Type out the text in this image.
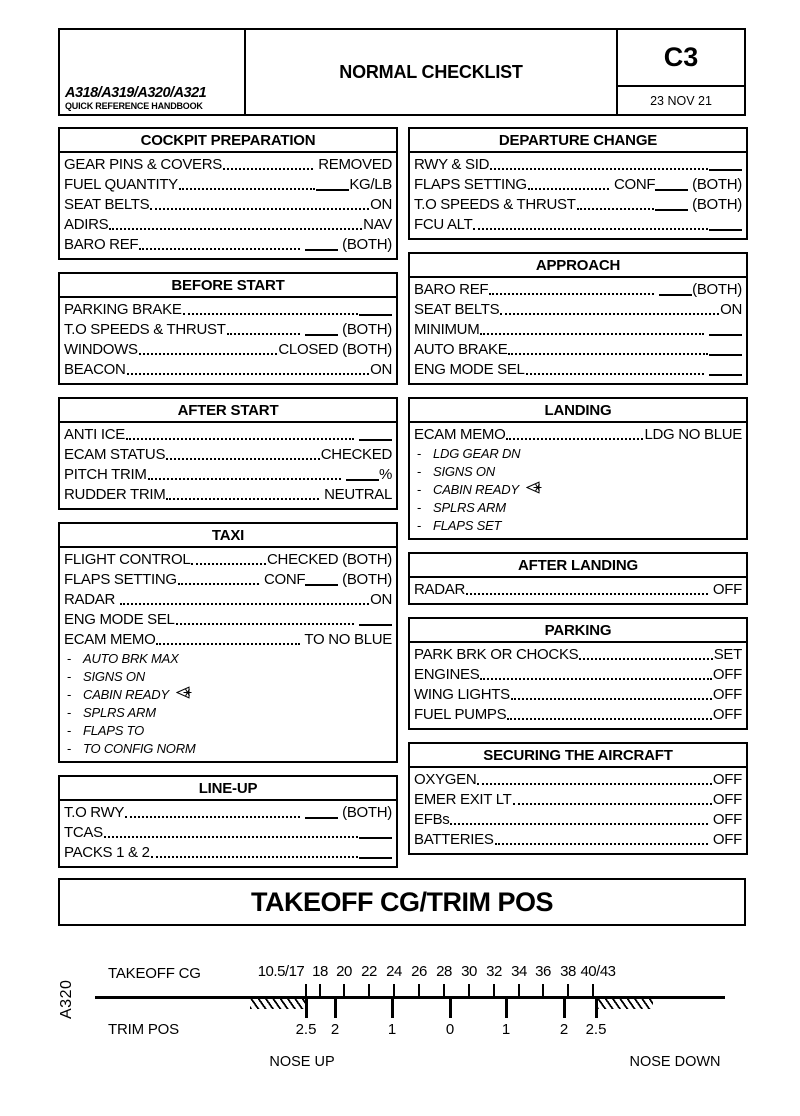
A318/A319/A320/A321
QUICK REFERENCE HANDBOOK
NORMAL CHECKLIST	C3
23 NOV 21
COCKPIT PREPARATION
GEAR PINS & COVERS	REMOVED
FUEL QUANTITY	KG/LB
SEAT BELTS	ON
ADIRS	NAV
BARO REF	(BOTH)
BEFORE START
PARKING BRAKE
T.O SPEEDS & THRUST	(BOTH)
WINDOWS	CLOSED (BOTH)
BEACON	ON
AFTER START
ANTI ICE

ECAM STATUS	CHECKED
PITCH TRIM	%
RUDDER TRIM	NEUTRAL
TAXI
FLIGHT CONTROL	CHECKED (BOTH)
FLAPS SETTING	CONF (BOTH)
RADAR	ON
ENG MODE SEL

ECAM MEMO	TO NO BLUE
- AUTO BRK MAX
- SIGNS ON
- CABIN READY
- SPLRS ARM
- FLAPS TO
- TO CONFIG NORM
LINE-UP
T.O RWY	(BOTH)
TCAS
PACKS 1 & 2
DEPARTURE CHANGE
RWY & SID
FLAPS SETTING	CONF (BOTH)
T.O SPEEDS & THRUST	(BOTH)
FCU ALT
APPROACH
BARO REF	(BOTH)
SEAT BELTS	ON
MINIMUM

AUTO BRAKE
ENG MODE SEL

LANDING
ECAM MEMO	LDG NO BLUE
- LDG GEAR DN
- SIGNS ON
- CABIN READY
- SPLRS ARM
- FLAPS SET
AFTER LANDING
RADAR	OFF
PARKING
PARK BRK OR CHOCKS	SET
ENGINES	OFF
WING LIGHTS	OFF
FUEL PUMPS	OFF
SECURING THE AIRCRAFT
OXYGEN	OFF
EMER EXIT LT	OFF
EFBs	OFF
BATTERIES	OFF
TAKEOFF CG/TRIM POS
A320
TAKEOFF CG
TRIM POS
10.5/17 18 20 22 24 26 28 30 32 34 36 38 40/43
2.5 2	1	0	1	2	2.5
NOSE UP	NOSE DOWN
